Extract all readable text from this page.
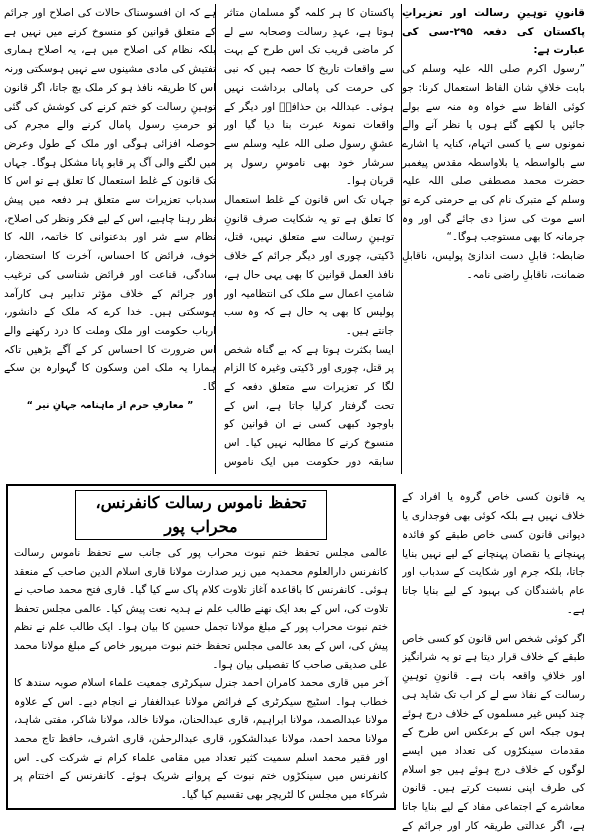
قانونِ توہینِ رسالت اور تعزیراتِ پاکستان کی دفعہ ۲۹۵-سی کی عبارت ہے:

”رسول اکرم صلی اللہ علیہ وسلم کی بابت خلافِ شان الفاظ استعمال کرنا: جو کوئی الفاظ سے خواہ وہ منہ سے بولے جائیں یا لکھے گئے ہوں یا نظر آنے والے نمونوں سے یا کسی اتہام، کنایہ یا اشارے سے بالواسطہ یا بلاواسطہ مقدس پیغمبر حضرت محمد مصطفی صلی اللہ علیہ وسلم کے متبرک نام کی بے حرمتی کرے تو اسے موت کی سزا دی جائے گی اور وہ جرمانہ کا بھی مستوجب ہوگا۔“

ضابطہ: قابلِ دست اندازیٔ پولیس، ناقابلِ ضمانت، ناقابلِ راضی نامہ۔

یہ قانون کسی خاص گروہ یا افراد کے خلاف نہیں ہے بلکہ کوئی بھی فوجداری یا دیوانی قانون کسی خاص طبقے کو فائدہ پہنچانے یا نقصان پہنچانے کے لیے نہیں بنایا جاتا، بلکہ جرم اور شکایت کے سدباب اور عام باشندگان کی بہبود کے لیے بنایا جاتا ہے۔

اگر کوئی شخص اس قانون کو کسی خاص طبقے کے خلاف قرار دیتا ہے تو یہ شرانگیز اور خلافِ واقعہ بات ہے۔ قانونِ توہینِ رسالت کے نفاذ سے لے کر اب تک شاید ہی چند کیس غیر مسلموں کے خلاف درج ہوئے ہوں جبکہ اس کے برعکس اس طرح کے مقدمات سینکڑوں کی تعداد میں ایسے لوگوں کے خلاف درج ہوئے ہیں جو اسلام کی طرف اپنی نسبت کرتے ہیں۔ قانون معاشرے کے اجتماعی مفاد کے لیے بنایا جاتا ہے، اگر عدالتی طریقہ کار اور جرائم کے

پاکستان کا ہر کلمہ گو مسلمان متاثر ہوتا ہے، عہدِ رسالت وصحابہ سے لے کر ماضی قریب تک اس طرح کے بہت سے واقعات تاریخ کا حصہ ہیں کہ نبی کی حرمت کی پامالی برداشت نہیں ہوئی۔ عبداللہ بن حذافہؓ اور دیگر کے واقعات نمونۂ عبرت بنا دیا گیا اور عشقِ رسول صلی اللہ علیہ وسلم سے سرشار خود بھی ناموسِ رسول پر قربان ہوا۔

جہاں تک اس قانون کے غلط استعمال کا تعلق ہے تو یہ شکایت صرف قانونِ توہینِ رسالت سے متعلق نہیں، قتل، ڈکیتی، چوری اور دیگر جرائم کے خلاف نافذ العمل قوانین کا بھی یہی حال ہے، شامتِ اعمال سے ملک کی انتظامیہ اور پولیس کا بھی یہ حال ہے کہ وہ سب جانتے ہیں۔

ایسا بکثرت ہوتا ہے کہ بے گناہ شخص پر قتل، چوری اور ڈکیتی وغیرہ کا الزام لگا کر تعزیرات سے متعلق دفعہ کے تحت گرفتار کرلیا جاتا ہے، اس کے باوجود کبھی کسی نے ان قوانین کو منسوخ کرنے کا مطالبہ نہیں کیا۔ اس سابقہ دور حکومت میں ایک ناموس

ہے کہ ان افسوسناک حالات کی اصلاح اور جرائم کے متعلق قوانین کو منسوخ کرنے میں نہیں ہے بلکہ نظام کی اصلاح میں ہے، یہ اصلاح ہماری تفتیش کی مادی مشینوں سے نہیں ہوسکتی ورنہ اس کا طریقہ نافذ ہو کر ملک بچ جاتا، اگر قانون توہینِ رسالت کو ختم کرنے کی کوشش کی گئی تو حرمتِ رسول پامال کرنے والے مجرم کی حوصلہ افزائی ہوگی اور ملک کے طول وعرض میں لگنے والی آگ پر قابو پانا مشکل ہوگا۔ جہاں تک قانون کے غلط استعمال کا تعلق ہے تو اس کا سدباب تعزیرات سے متعلق ہر دفعہ میں پیش نظر رہنا چاہیے، اس کے لیے فکر ونظر کی اصلاح، نظام سے شر اور بدعنوانی کا خاتمہ، اللہ کا خوف، فرائض کا احساس، آخرت کا استحضار، سادگی، قناعت اور فرائض شناسی کی ترغیب اور جرائم کے خلاف مؤثر تدابیر ہی کارآمد ہوسکتی ہیں۔ خدا کرے کہ ملک کے دانشور، ارباب حکومت اور ملک وملت کا درد رکھنے والے اس ضرورت کا احساس کر کے آگے بڑھیں تاکہ ہمارا یہ ملک امن وسکون کا گہوارہ بن سکے گا۔

” معارفِ حرم از ماہنامہ جہانِ نیر “

تحفظ ناموس رسالت کانفرنس، محراب پور

عالمی مجلس تحفظ ختم نبوت محراب پور کی جانب سے تحفظ ناموس رسالت کانفرنس دارالعلوم محمدیہ میں زیر صدارت مولانا قاری اسلام الدین صاحب کے منعقد ہوئی۔ کانفرنس کا باقاعدہ آغاز تلاوت کلام پاک سے کیا گیا۔ قاری فتح محمد صاحب نے تلاوت کی، اس کے بعد ایک نھنے طالب علم نے ہدیہ نعت پیش کیا۔ عالمی مجلس تحفظ ختم نبوت محراب پور کے مبلغ مولانا تجمل حسین کا بیان ہوا۔ ایک طالب علم نے نظم پیش کی، اس کے بعد عالمی مجلس تحفظ ختم نبوت میرپور خاص کے مبلغ مولانا محمد علی صدیقی صاحب کا تفصیلی بیان ہوا۔

آخر میں قاری محمد کامران احمد جنرل سیکرٹری جمعیت علماء اسلام صوبہ سندھ کا خطاب ہوا۔ اسٹیج سیکرٹری کے فرائض مولانا عبدالغفار نے انجام دیے۔ اس کے علاوہ مولانا عبدالصمد، مولانا ابراہیم، قاری عبدالحنان، مولانا خالد، مولانا شاکر، مفتی شاہد، مولانا محمد احمد، مولانا عبدالشکور، قاری عبدالرحمٰن، قاری اشرف، حافظ تاج محمد اور فقیر محمد اسلم سمیت کثیر تعداد میں مقامی علماء کرام نے شرکت کی۔ اس کانفرنس میں سینکڑوں ختم نبوت کے پروانے شریک ہوئے۔ کانفرنس کے اختتام پر شرکاء میں مجلس کا لٹریچر بھی تقسیم کیا گیا۔
